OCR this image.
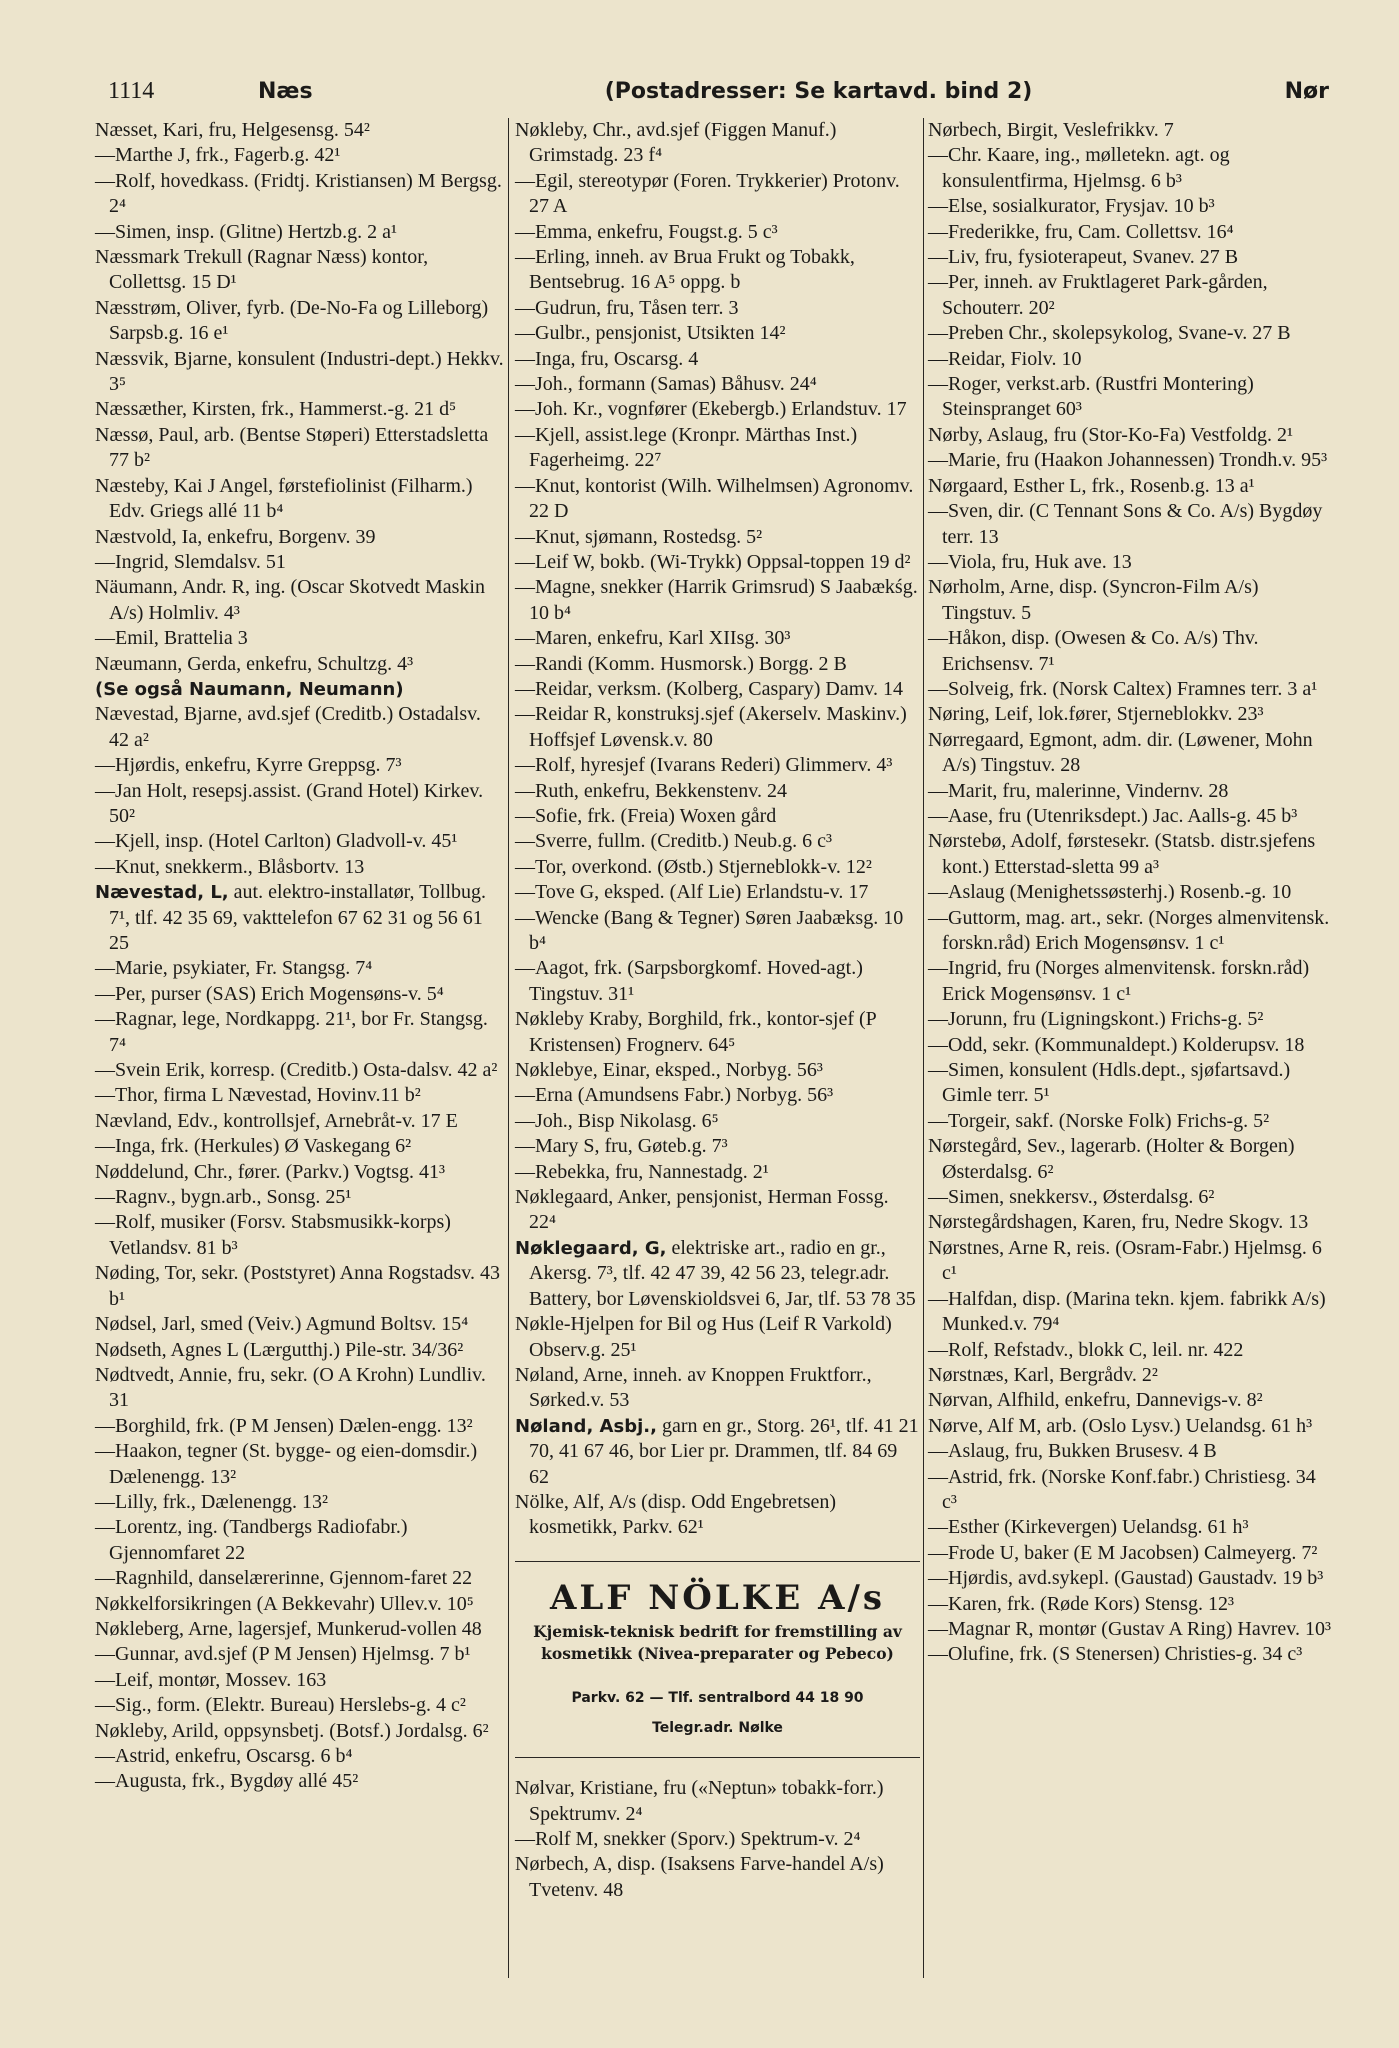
1114	Næs	(Postadresser: Se kartavd. bind 2)	Nør
Næsset, Kari, fru, Helgesensg. 54²
—Marthe J, frk., Fagerb.g. 42¹
—Rolf, hovedkass. (Fridtj. Kristiansen) M Bergsg. 2⁴
—Simen, insp. (Glitne) Hertzb.g. 2 a¹
Næssmark Trekull (Ragnar Næss) kontor, Collettsg. 15 D¹
Næsstrøm, Oliver, fyrb. (De-No-Fa og Lilleborg) Sarpsb.g. 16 e¹
Næssvik, Bjarne, konsulent (Industri-dept.) Hekkv. 3⁵
Næssæther, Kirsten, frk., Hammerst.-g. 21 d⁵
Næssø, Paul, arb. (Bentse Støperi) Etterstadsletta 77 b²
Næsteby, Kai J Angel, førstefiolinist (Filharm.) Edv. Griegs allé 11 b⁴
Næstvold, Ia, enkefru, Borgenv. 39
—Ingrid, Slemdalsv. 51
Näumann, Andr. R, ing. (Oscar Skotvedt Maskin A/s) Holmliv. 4³
—Emil, Brattelia 3
Næumann, Gerda, enkefru, Schultzg. 4³
(Se også Naumann, Neumann)
Nævestad, Bjarne, avd.sjef (Creditb.) Ostadalsv. 42 a²
—Hjørdis, enkefru, Kyrre Greppsg. 7³
—Jan Holt, resepsj.assist. (Grand Hotel) Kirkev. 50²
—Kjell, insp. (Hotel Carlton) Gladvoll-v. 45¹
—Knut, snekkerm., Blåsbortv. 13
Nævestad, L, aut. elektro-installatør, Tollbug. 7¹, tlf. 42 35 69, vakttelefon 67 62 31 og 56 61 25
—Marie, psykiater, Fr. Stangsg. 7⁴
—Per, purser (SAS) Erich Mogensøns-v. 5⁴
—Ragnar, lege, Nordkappg. 21¹, bor Fr. Stangsg. 7⁴
—Svein Erik, korresp. (Creditb.) Osta-dalsv. 42 a²
—Thor, firma L Nævestad, Hovinv.11 b²
Nævland, Edv., kontrollsjef, Arnebråt-v. 17 E
—Inga, frk. (Herkules) Ø Vaskegang 6²
Nøddelund, Chr., fører. (Parkv.) Vogtsg. 41³
—Ragnv., bygn.arb., Sonsg. 25¹
—Rolf, musiker (Forsv. Stabsmusikk-korps) Vetlandsv. 81 b³
Nøding, Tor, sekr. (Poststyret) Anna Rogstadsv. 43 b¹
Nødsel, Jarl, smed (Veiv.) Agmund Boltsv. 15⁴
Nødseth, Agnes L (Lærgutthj.) Pile-str. 34/36²
Nødtvedt, Annie, fru, sekr. (O A Krohn) Lundliv. 31
—Borghild, frk. (P M Jensen) Dælen-engg. 13²
—Haakon, tegner (St. bygge- og eien-domsdir.) Dælenengg. 13²
—Lilly, frk., Dælenengg. 13²
—Lorentz, ing. (Tandbergs Radiofabr.) Gjennomfaret 22
—Ragnhild, danselærerinne, Gjennom-faret 22
Nøkkelforsikringen (A Bekkevahr) Ullev.v. 10⁵
Nøkleberg, Arne, lagersjef, Munkerud-vollen 48
—Gunnar, avd.sjef (P M Jensen) Hjelmsg. 7 b¹
—Leif, montør, Mossev. 163
—Sig., form. (Elektr. Bureau) Herslebs-g. 4 c²
Nøkleby, Arild, oppsynsbetj. (Botsf.) Jordalsg. 6²
—Astrid, enkefru, Oscarsg. 6 b⁴
—Augusta, frk., Bygdøy allé 45²
Nøkleby, Chr., avd.sjef (Figgen Manuf.) Grimstadg. 23 f⁴
—Egil, stereotypør (Foren. Trykkerier) Protonv. 27 A
—Emma, enkefru, Fougst.g. 5 c³
—Erling, inneh. av Brua Frukt og Tobakk, Bentsebrug. 16 A⁵ oppg. b
—Gudrun, fru, Tåsen terr. 3
—Gulbr., pensjonist, Utsikten 14²
—Inga, fru, Oscarsg. 4
—Joh., formann (Samas) Båhusv. 24⁴
—Joh. Kr., vognfører (Ekebergb.) Erlandstuv. 17
—Kjell, assist.lege (Kronpr. Märthas Inst.) Fagerheimg. 22⁷
—Knut, kontorist (Wilh. Wilhelmsen) Agronomv. 22 D
—Knut, sjømann, Rostedsg. 5²
—Leif W, bokb. (Wi-Trykk) Oppsal-toppen 19 d²
—Magne, snekker (Harrik Grimsrud) S Jaabækśg. 10 b⁴
—Maren, enkefru, Karl XIIsg. 30³
—Randi (Komm. Husmorsk.) Borgg. 2 B
—Reidar, verksm. (Kolberg, Caspary) Damv. 14
—Reidar R, konstruksj.sjef (Akerselv. Maskinv.) Hoffsjef Løvensk.v. 80
—Rolf, hyresjef (Ivarans Rederi) Glimmerv. 4³
—Ruth, enkefru, Bekkenstenv. 24
—Sofie, frk. (Freia) Woxen gård
—Sverre, fullm. (Creditb.) Neub.g. 6 c³
—Tor, overkond. (Østb.) Stjerneblokk-v. 12²
—Tove G, eksped. (Alf Lie) Erlandstu-v. 17
—Wencke (Bang & Tegner) Søren Jaabæksg. 10 b⁴
—Aagot, frk. (Sarpsborgkomf. Hoved-agt.) Tingstuv. 31¹
Nøkleby Kraby, Borghild, frk., kontor-sjef (P Kristensen) Frognerv. 64⁵
Nøklebye, Einar, eksped., Norbyg. 56³
—Erna (Amundsens Fabr.) Norbyg. 56³
—Joh., Bisp Nikolasg. 6⁵
—Mary S, fru, Gøteb.g. 7³
—Rebekka, fru, Nannestadg. 2¹
Nøklegaard, Anker, pensjonist, Herman Fossg. 22⁴
Nøklegaard, G, elektriske art., radio en gr., Akersg. 7³, tlf. 42 47 39, 42 56 23, telegr.adr. Battery, bor Løvenskioldsvei 6, Jar, tlf. 53 78 35
Nøkle-Hjelpen for Bil og Hus (Leif R Varkold) Observ.g. 25¹
Nøland, Arne, inneh. av Knoppen Fruktforr., Sørked.v. 53
Nøland, Asbj., garn en gr., Storg. 26¹, tlf. 41 21 70, 41 67 46, bor Lier pr. Drammen, tlf. 84 69 62
Nölke, Alf, A/s (disp. Odd Engebretsen) kosmetikk, Parkv. 62¹
ALF NÖLKE A/s
Kjemisk-teknisk bedrift for fremstilling av
kosmetikk (Nivea-preparater og Pebeco)
Parkv. 62 — Tlf. sentralbord 44 18 90
Telegr.adr. Nølke
Nølvar, Kristiane, fru («Neptun» tobakk-forr.) Spektrumv. 2⁴
—Rolf M, snekker (Sporv.) Spektrum-v. 2⁴
Nørbech, A, disp. (Isaksens Farve-handel A/s) Tvetenv. 48
Nørbech, Birgit, Veslefrikkv. 7
—Chr. Kaare, ing., mølletekn. agt. og konsulentfirma, Hjelmsg. 6 b³
—Else, sosialkurator, Frysjav. 10 b³
—Frederikke, fru, Cam. Collettsv. 16⁴
—Liv, fru, fysioterapeut, Svanev. 27 B
—Per, inneh. av Fruktlageret Park-gården, Schouterr. 20²
—Preben Chr., skolepsykolog, Svane-v. 27 B
—Reidar, Fiolv. 10
—Roger, verkst.arb. (Rustfri Montering) Steinspranget 60³
Nørby, Aslaug, fru (Stor-Ko-Fa) Vestfoldg. 2¹
—Marie, fru (Haakon Johannessen) Trondh.v. 95³
Nørgaard, Esther L, frk., Rosenb.g. 13 a¹
—Sven, dir. (C Tennant Sons & Co. A/s) Bygdøy terr. 13
—Viola, fru, Huk ave. 13
Nørholm, Arne, disp. (Syncron-Film A/s) Tingstuv. 5
—Håkon, disp. (Owesen & Co. A/s) Thv. Erichsensv. 7¹
—Solveig, frk. (Norsk Caltex) Framnes terr. 3 a¹
Nøring, Leif, lok.fører, Stjerneblokkv. 23³
Nørregaard, Egmont, adm. dir. (Løwener, Mohn A/s) Tingstuv. 28
—Marit, fru, malerinne, Vindernv. 28
—Aase, fru (Utenriksdept.) Jac. Aalls-g. 45 b³
Nørstebø, Adolf, førstesekr. (Statsb. distr.sjefens kont.) Etterstad-sletta 99 a³
—Aslaug (Menighetssøsterhj.) Rosenb.-g. 10
—Guttorm, mag. art., sekr. (Norges almenvitensk. forskn.råd) Erich Mogensønsv. 1 c¹
—Ingrid, fru (Norges almenvitensk. forskn.råd) Erick Mogensønsv. 1 c¹
—Jorunn, fru (Ligningskont.) Frichs-g. 5²
—Odd, sekr. (Kommunaldept.) Kolderupsv. 18
—Simen, konsulent (Hdls.dept., sjøfartsavd.) Gimle terr. 5¹
—Torgeir, sakf. (Norske Folk) Frichs-g. 5²
Nørstegård, Sev., lagerarb. (Holter & Borgen) Østerdalsg. 6²
—Simen, snekkersv., Østerdalsg. 6²
Nørstegårdshagen, Karen, fru, Nedre Skogv. 13
Nørstnes, Arne R, reis. (Osram-Fabr.) Hjelmsg. 6 c¹
—Halfdan, disp. (Marina tekn. kjem. fabrikk A/s) Munked.v. 79⁴
—Rolf, Refstadv., blokk C, leil. nr. 422
Nørstnæs, Karl, Bergrådv. 2²
Nørvan, Alfhild, enkefru, Dannevigs-v. 8²
Nørve, Alf M, arb. (Oslo Lysv.) Uelandsg. 61 h³
—Aslaug, fru, Bukken Brusesv. 4 B
—Astrid, frk. (Norske Konf.fabr.) Christiesg. 34 c³
—Esther (Kirkevergen) Uelandsg. 61 h³
—Frode U, baker (E M Jacobsen) Calmeyerg. 7²
—Hjørdis, avd.sykepl. (Gaustad) Gaustadv. 19 b³
—Karen, frk. (Røde Kors) Stensg. 12³
—Magnar R, montør (Gustav A Ring) Havrev. 10³
—Olufine, frk. (S Stenersen) Christies-g. 34 c³
